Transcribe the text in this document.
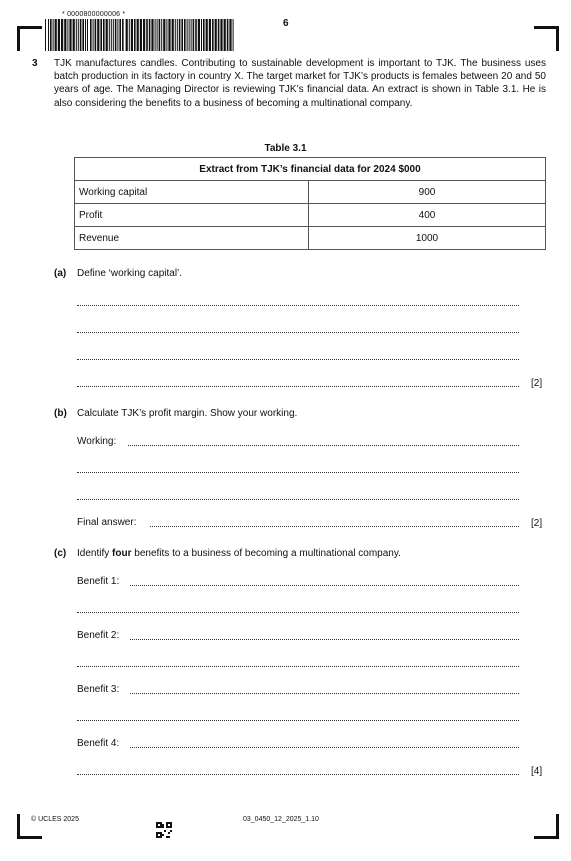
* 0000800000006 *
6
3 TJK manufactures candles. Contributing to sustainable development is important to TJK. The business uses batch production in its factory in country X. The target market for TJK’s products is females between 20 and 50 years of age. The Managing Director is reviewing TJK’s financial data. An extract is shown in Table 3.1. He is also considering the benefits to a business of becoming a multinational company.
Table 3.1
Extract from TJK’s financial data for 2024 $000	
Working capital	900
Profit	400
Revenue	1000
(a) Define ‘working capital’.
[2]
(b) Calculate TJK’s profit margin. Show your working.
Working:
Final answer:	[2]
(c) Identify four benefits to a business of becoming a multinational company.
Benefit 1:
Benefit 2:
Benefit 3:
Benefit 4:
[4]
© UCLES 2025	03_0450_12_2025_1.10
